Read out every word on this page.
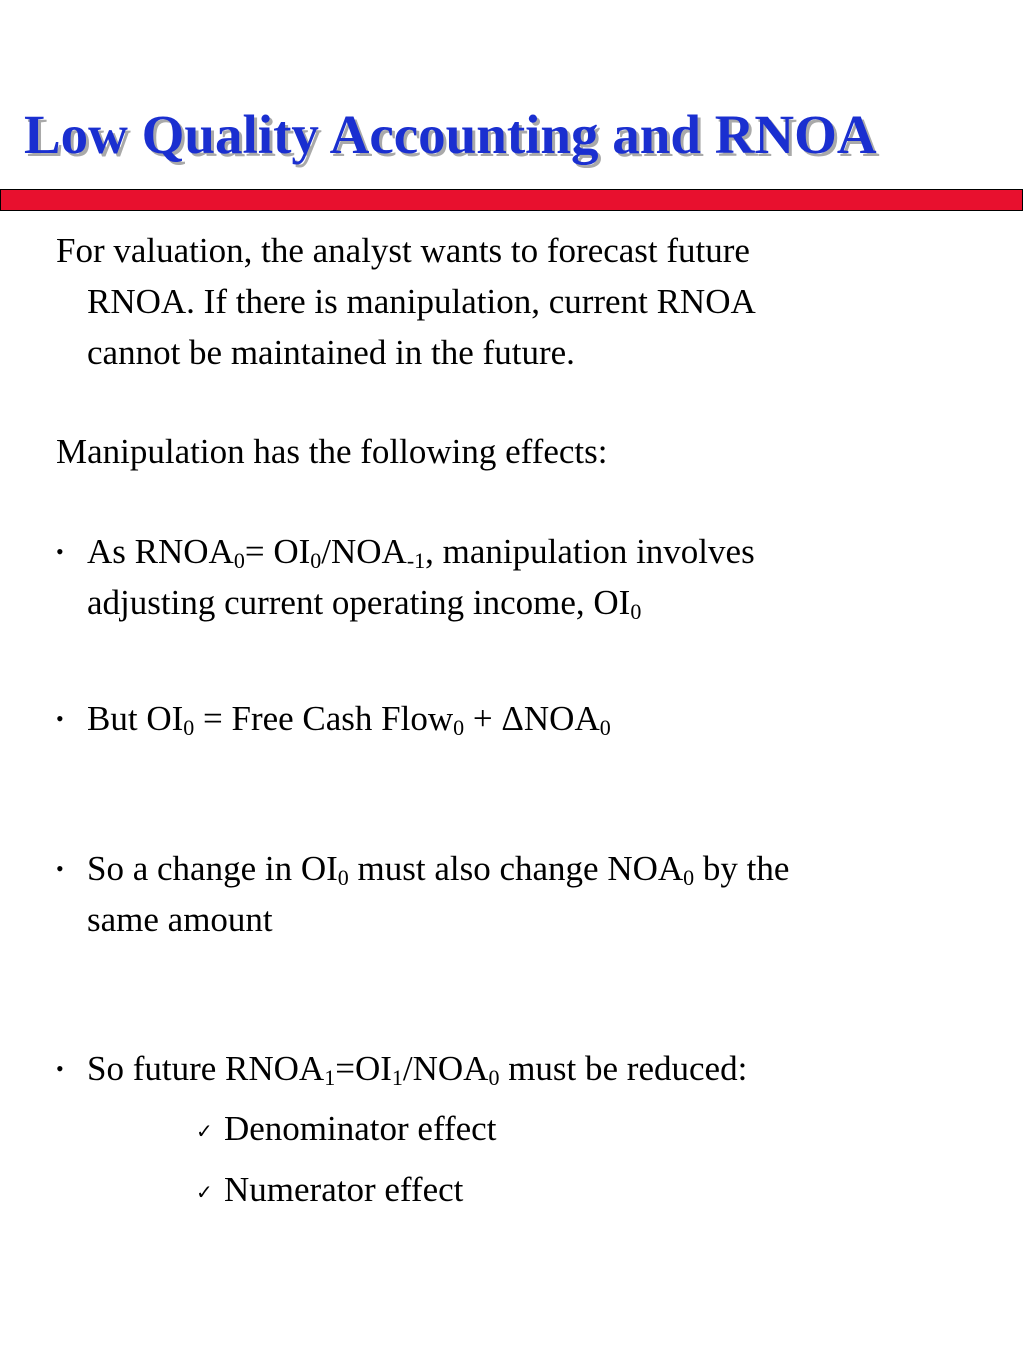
Low Quality Accounting and RNOA

For valuation, the analyst wants to forecast future
RNOA. If there is manipulation, current RNOA
cannot be maintained in the future.

Manipulation has the following effects:

• As $RNOA_0= OI_0/NOA_{-1}$, manipulation involves
adjusting current operating income, $OI_0$
• But $OI_0$ = Free Cash Flow$_0$ + $\Delta NOA_0$
• So a change in $OI_0$ must also change $NOA_0$ by the
same amount
• So future $RNOA_1=OI_1/NOA_0$ must be reduced:
✓ Denominator effect
✓ Numerator effect
